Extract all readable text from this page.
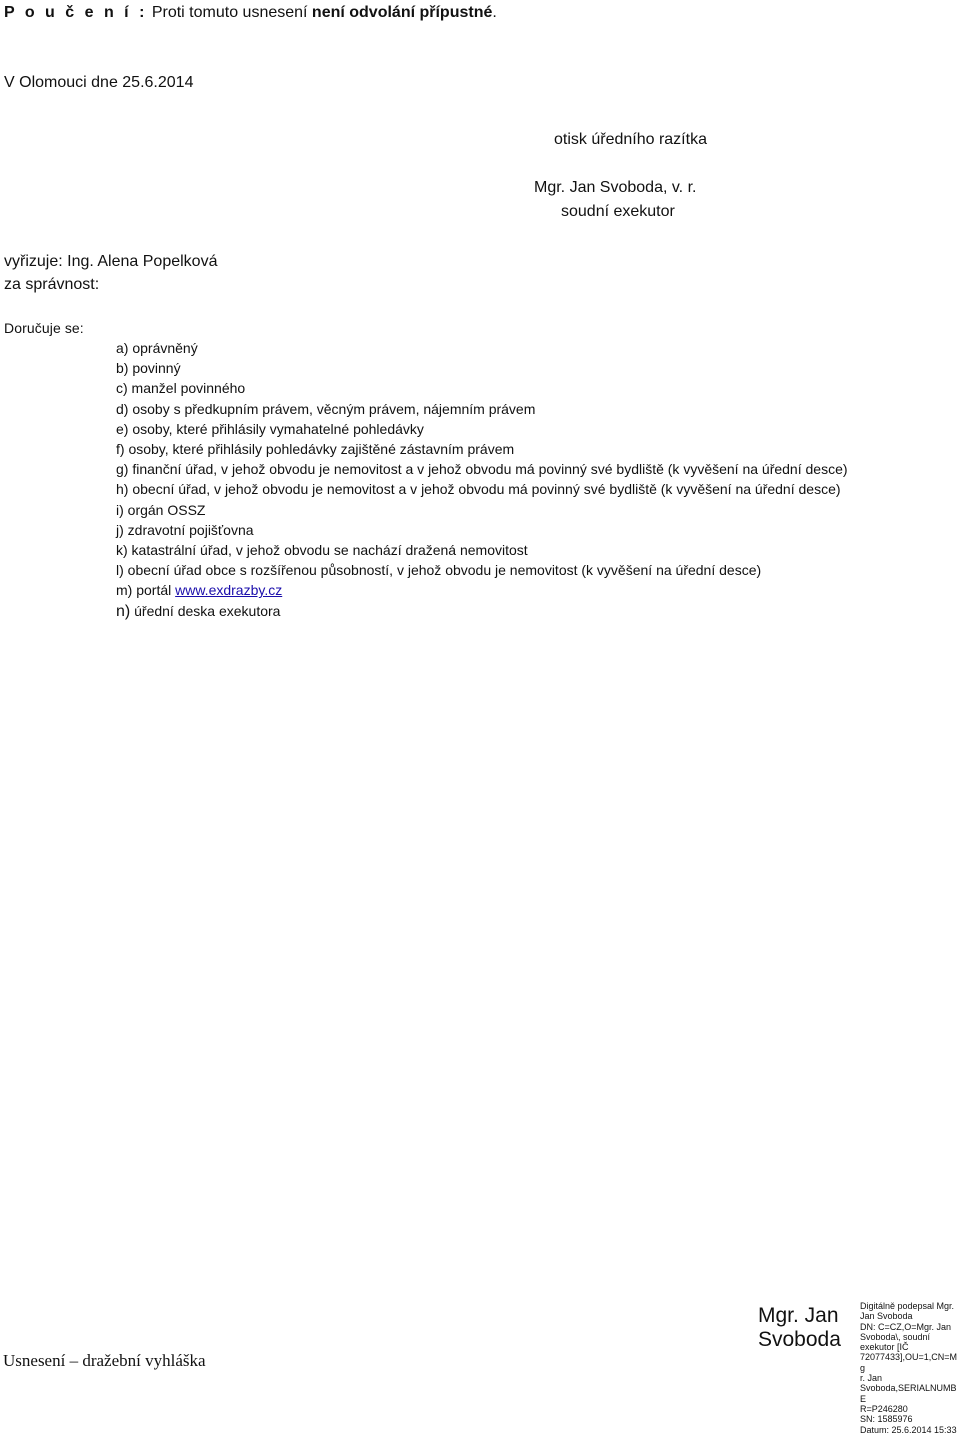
P o u č e n í : Proti tomuto usnesení není odvolání přípustné.
V Olomouci dne 25.6.2014
otisk úředního razítka
Mgr. Jan Svoboda, v. r.
soudní exekutor
vyřizuje: Ing. Alena Popelková
za správnost:
Doručuje se:
a) oprávněný
b) povinný
c) manžel povinného
d) osoby s předkupním právem, věcným právem, nájemním právem
e) osoby, které přihlásily vymahatelné pohledávky
f) osoby, které přihlásily pohledávky zajištěné zástavním právem
g) finanční úřad, v jehož obvodu je nemovitost a v jehož obvodu má povinný své bydliště (k vyvěšení na úřední desce)
h) obecní úřad, v jehož obvodu je nemovitost a v jehož obvodu má povinný své bydliště (k vyvěšení na úřední desce)
i) orgán OSSZ
j) zdravotní pojišťovna
k) katastrální úřad, v jehož obvodu se nachází dražená nemovitost
l) obecní úřad obce s rozšířenou působností, v jehož obvodu je nemovitost (k vyvěšení na úřední desce)
m) portál www.exdrazby.cz
n) úřední deska exekutora
Usnesení – dražební vyhláška
Mgr. Jan
Svoboda
Digitálně podepsal Mgr.
Jan Svoboda
DN: C=CZ,O=Mgr. Jan
Svoboda\, soudní
exekutor [IČ
72077433],OU=1,CN=Mg
r. Jan
Svoboda,SERIALNUMBE
R=P246280
SN: 1585976
Datum: 25.6.2014 15:33
